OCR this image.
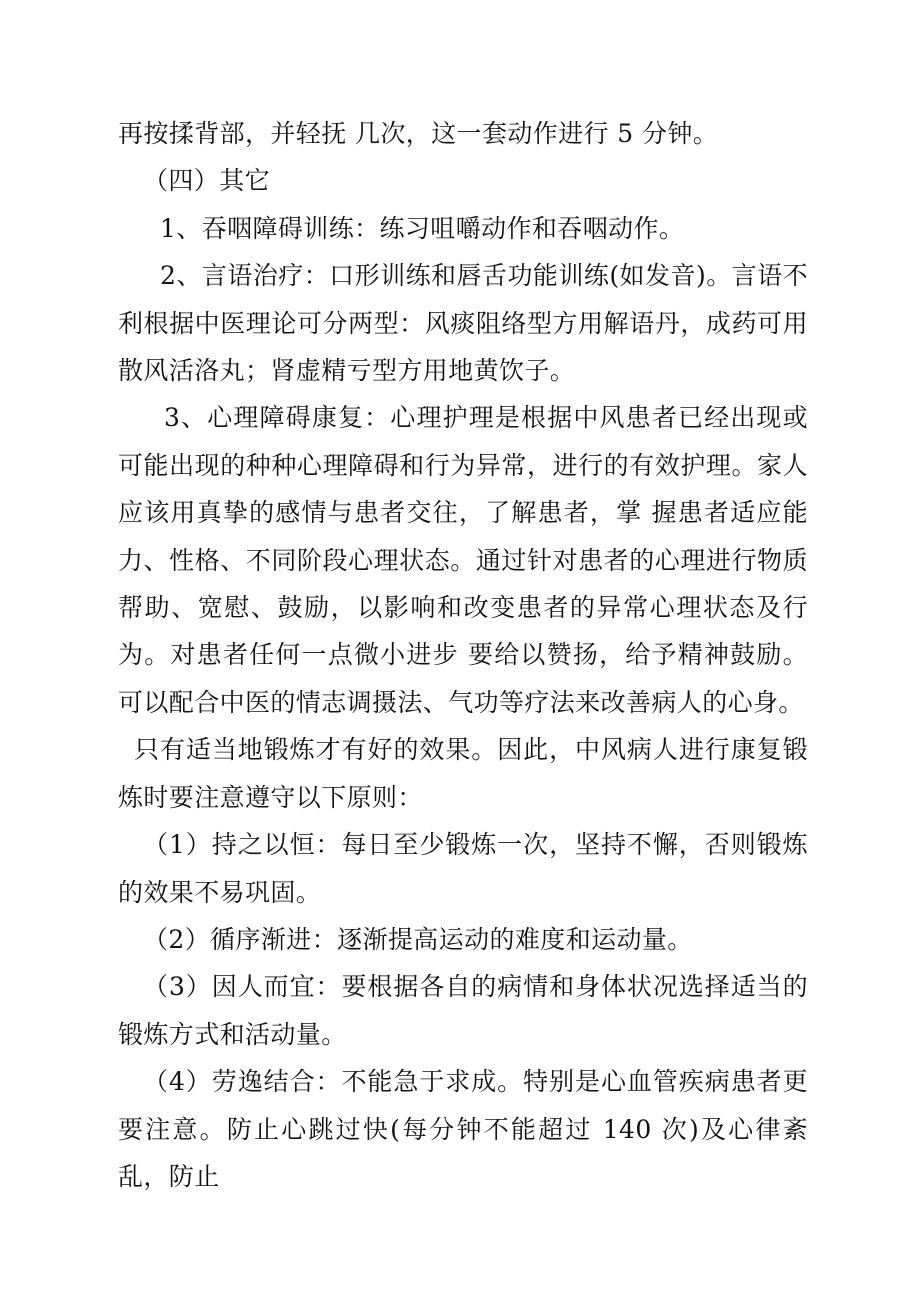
再按揉背部，并轻抚 几次，这一套动作进行 5 分钟。

（四）其它

1、吞咽障碍训练：练习咀嚼动作和吞咽动作。

2、言语治疗：口形训练和唇舌功能训练(如发音)。言语不利根据中医理论可分两型：风痰阻络型方用解语丹，成药可用散风活洛丸；肾虚精亏型方用地黄饮子。

3、心理障碍康复：心理护理是根据中风患者已经出现或可能出现的种种心理障碍和行为异常，进行的有效护理。家人应该用真挚的感情与患者交往，了解患者，掌 握患者适应能力、性格、不同阶段心理状态。通过针对患者的心理进行物质帮助、宽慰、鼓励，以影响和改变患者的异常心理状态及行为。对患者任何一点微小进步 要给以赞扬，给予精神鼓励。可以配合中医的情志调摄法、气功等疗法来改善病人的心身。

只有适当地锻炼才有好的效果。因此，中风病人进行康复锻炼时要注意遵守以下原则：

（1）持之以恒：每日至少锻炼一次，坚持不懈，否则锻炼的效果不易巩固。

（2）循序渐进：逐渐提高运动的难度和运动量。

（3）因人而宜：要根据各自的病情和身体状况选择适当的锻炼方式和活动量。

（4）劳逸结合：不能急于求成。特别是心血管疾病患者更要注意。防止心跳过快(每分钟不能超过 140 次)及心律紊乱，防止
